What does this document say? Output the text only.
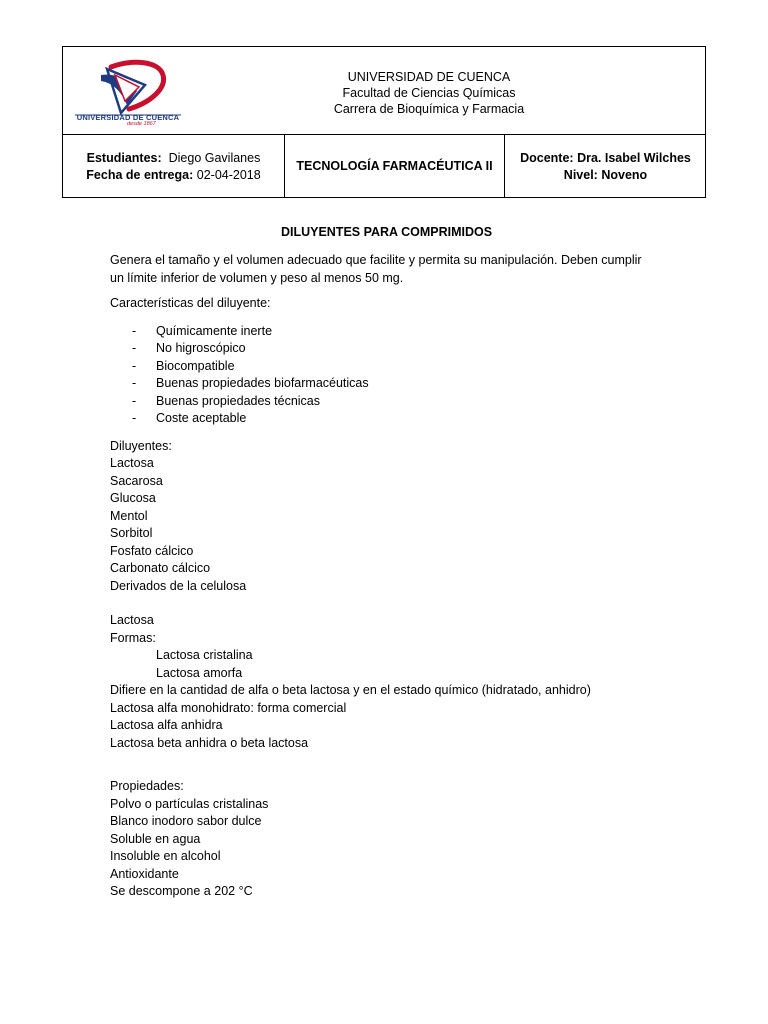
UNIVERSIDAD DE CUENCA
desde 1867
UNIVERSIDAD DE CUENCA
Facultad de Ciencias Químicas
Carrera de Bioquímica y Farmacia
Estudiantes: Diego Gavilanes
Fecha de entrega: 02-04-2018
TECNOLOGÍA FARMACÉUTICA II
Docente: Dra. Isabel Wilches
Nivel: Noveno
DILUYENTES PARA COMPRIMIDOS

Genera el tamaño y el volumen adecuado que facilite y permita su manipulación. Deben cumplir

un límite inferior de volumen y peso al menos 50 mg.

Características del diluyente:

- Químicamente inerte
- No higroscópico
- Biocompatible
- Buenas propiedades biofarmacéuticas
- Buenas propiedades técnicas
- Coste aceptable

Diluyentes:

Lactosa

Sacarosa

Glucosa

Mentol

Sorbitol

Fosfato cálcico

Carbonato cálcico

Derivados de la celulosa

Lactosa

Formas:

Lactosa cristalina

Lactosa amorfa

Difiere en la cantidad de alfa o beta lactosa y en el estado químico (hidratado, anhidro)

Lactosa alfa monohidrato: forma comercial

Lactosa alfa anhidra

Lactosa beta anhidra o beta lactosa

Propiedades:

Polvo o partículas cristalinas

Blanco inodoro sabor dulce

Soluble en agua

Insoluble en alcohol

Antioxidante

Se descompone a 202 °C
